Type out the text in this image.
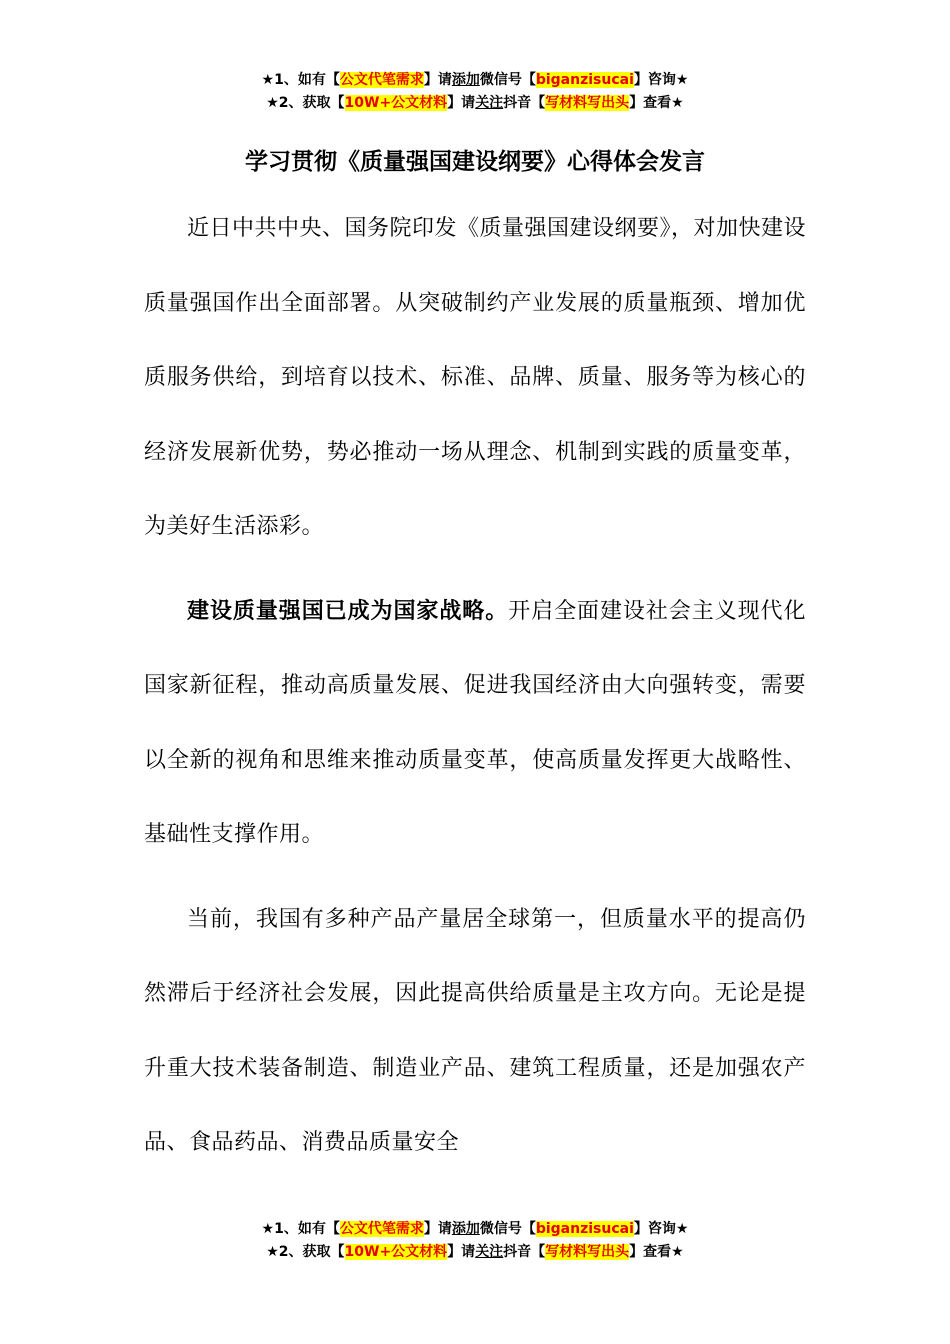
★1、如有【公文代笔需求】请添加微信号【biganzisucai】咨询★
★2、获取【10W+公文材料】请关注抖音【写材料写出头】查看★
学习贯彻《质量强国建设纲要》心得体会发言

近日中共中央、国务院印发《质量强国建设纲要》，对加快建设质量强国作出全面部署。从突破制约产业发展的质量瓶颈、增加优质服务供给，到培育以技术、标准、品牌、质量、服务等为核心的经济发展新优势，势必推动一场从理念、机制到实践的质量变革，为美好生活添彩。

建设质量强国已成为国家战略。开启全面建设社会主义现代化国家新征程，推动高质量发展、促进我国经济由大向强转变，需要以全新的视角和思维来推动质量变革，使高质量发挥更大战略性、基础性支撑作用。

当前，我国有多种产品产量居全球第一，但质量水平的提高仍然滞后于经济社会发展，因此提高供给质量是主攻方向。无论是提升重大技术装备制造、制造业产品、建筑工程质量，还是加强农产品、食品药品、消费品质量安全

★1、如有【公文代笔需求】请添加微信号【biganzisucai】咨询★
★2、获取【10W+公文材料】请关注抖音【写材料写出头】查看★
